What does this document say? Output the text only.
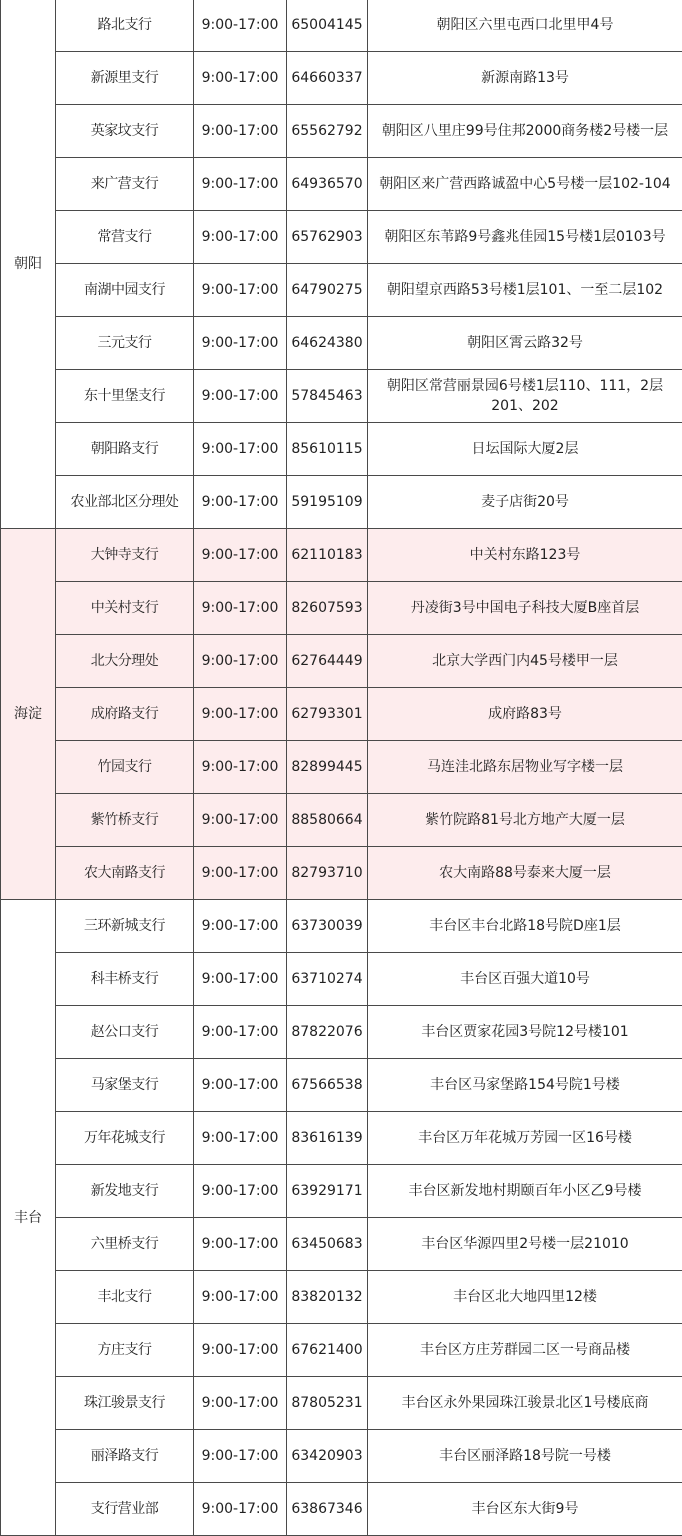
朝阳	路北支行	9:00-17:00	65004145	朝阳区六里屯西口北里甲4号
	新源里支行	9:00-17:00	64660337	新源南路13号
	英家坟支行	9:00-17:00	65562792	朝阳区八里庄99号住邦2000商务楼2号楼一层
	来广营支行	9:00-17:00	64936570	朝阳区来广营西路诚盈中心5号楼一层102-104
	常营支行	9:00-17:00	65762903	朝阳区东苇路9号鑫兆佳园15号楼1层0103号
	南湖中园支行	9:00-17:00	64790275	朝阳望京西路53号楼1层101、一至二层102
	三元支行	9:00-17:00	64624380	朝阳区霄云路32号
	东十里堡支行	9:00-17:00	57845463	朝阳区常营丽景园6号楼1层110、111，2层201、202
	朝阳路支行	9:00-17:00	85610115	日坛国际大厦2层
	农业部北区分理处	9:00-17:00	59195109	麦子店街20号
海淀	大钟寺支行	9:00-17:00	62110183	中关村东路123号
	中关村支行	9:00-17:00	82607593	丹凌街3号中国电子科技大厦B座首层
	北大分理处	9:00-17:00	62764449	北京大学西门内45号楼甲一层
	成府路支行	9:00-17:00	62793301	成府路83号
	竹园支行	9:00-17:00	82899445	马连洼北路东居物业写字楼一层
	紫竹桥支行	9:00-17:00	88580664	紫竹院路81号北方地产大厦一层
	农大南路支行	9:00-17:00	82793710	农大南路88号泰来大厦一层
丰台	三环新城支行	9:00-17:00	63730039	丰台区丰台北路18号院D座1层
	科丰桥支行	9:00-17:00	63710274	丰台区百强大道10号
	赵公口支行	9:00-17:00	87822076	丰台区贾家花园3号院12号楼101
	马家堡支行	9:00-17:00	67566538	丰台区马家堡路154号院1号楼
	万年花城支行	9:00-17:00	83616139	丰台区万年花城万芳园一区16号楼
	新发地支行	9:00-17:00	63929171	丰台区新发地村期颐百年小区乙9号楼
	六里桥支行	9:00-17:00	63450683	丰台区华源四里2号楼一层21010
	丰北支行	9:00-17:00	83820132	丰台区北大地四里12楼
	方庄支行	9:00-17:00	67621400	丰台区方庄芳群园二区一号商品楼
	珠江骏景支行	9:00-17:00	87805231	丰台区永外果园珠江骏景北区1号楼底商
	丽泽路支行	9:00-17:00	63420903	丰台区丽泽路18号院一号楼
	支行营业部	9:00-17:00	63867346	丰台区东大街9号
